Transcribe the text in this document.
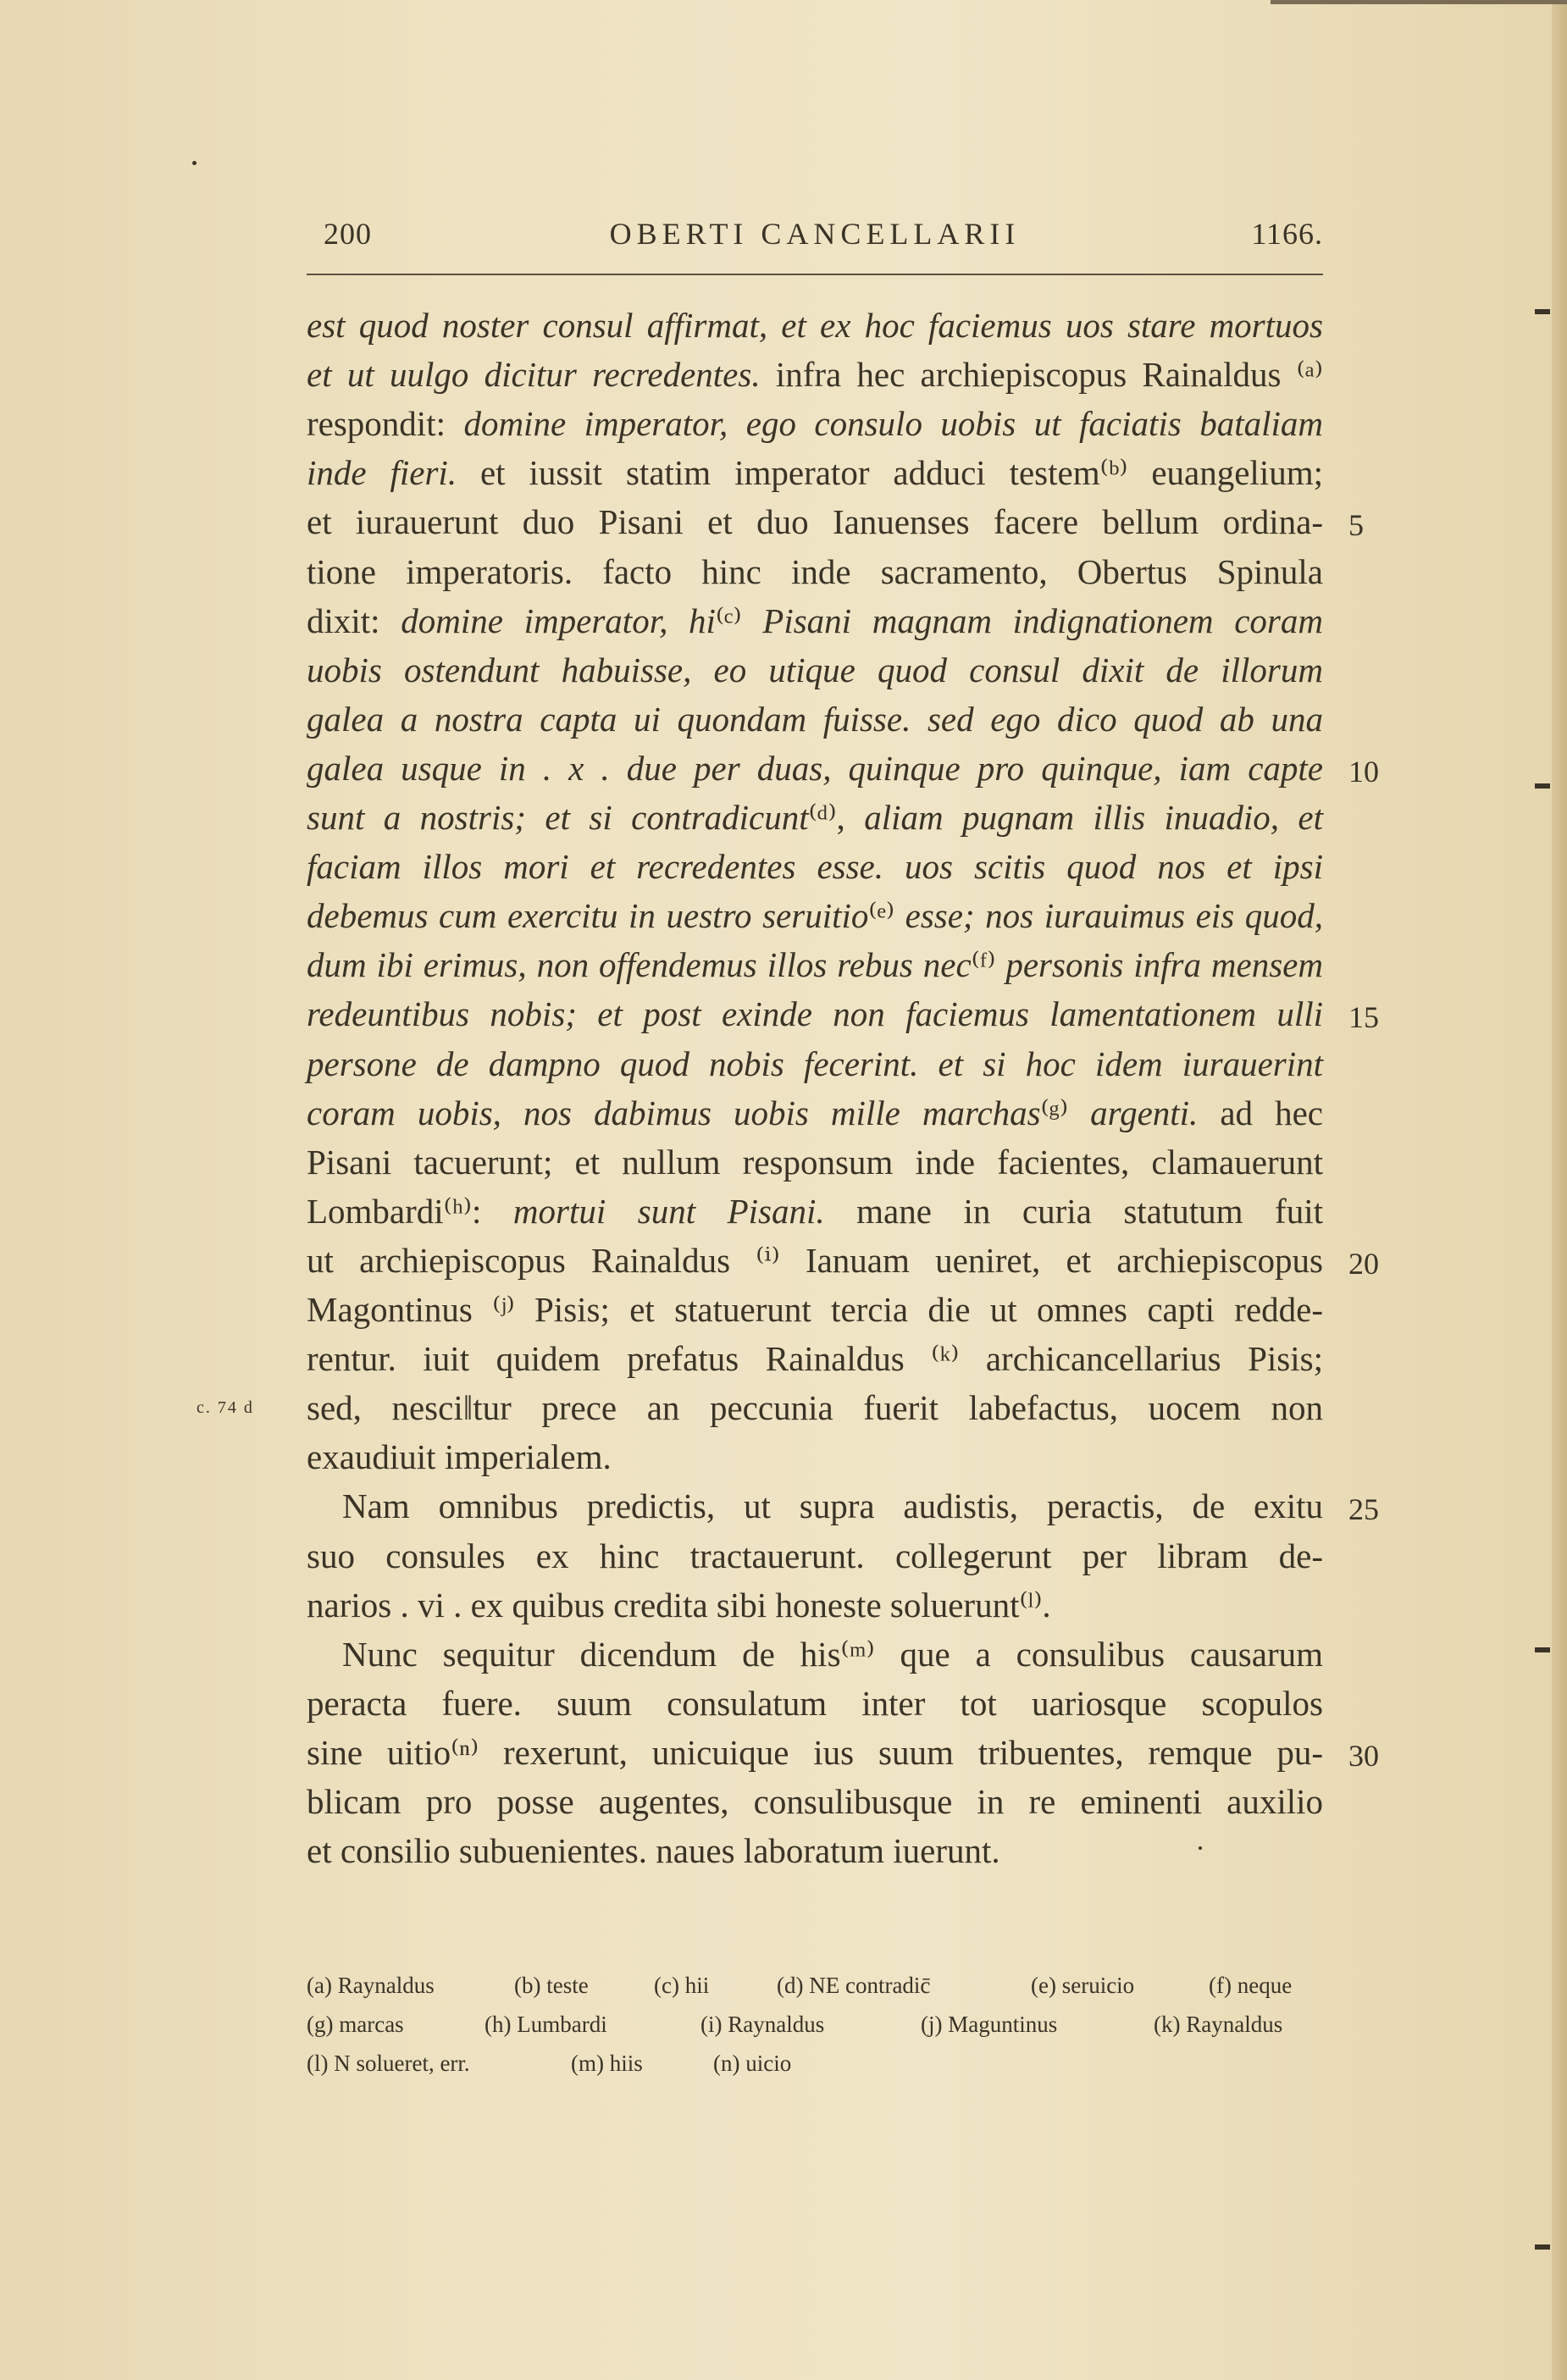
200	OBERTI CANCELLARII	1166.
est quod noster consul affirmat, et ex hoc faciemus uos stare mortuos
et ut uulgo dicitur recredentes. infra hec archiepiscopus Rainaldus ⁽ᵃ⁾
respondit: domine imperator, ego consulo uobis ut faciatis bataliam
inde fieri. et iussit statim imperator adduci testem⁽ᵇ⁾ euangelium;
et iurauerunt duo Pisani et duo Ianuenses facere bellum ordina-
tione imperatoris. facto hinc inde sacramento, Obertus Spinula
dixit: domine imperator, hi⁽ᶜ⁾ Pisani magnam indignationem coram
uobis ostendunt habuisse, eo utique quod consul dixit de illorum
galea a nostra capta ui quondam fuisse. sed ego dico quod ab una
galea usque in . x . due per duas, quinque pro quinque, iam capte
sunt a nostris; et si contradicunt⁽ᵈ⁾, aliam pugnam illis inuadio, et
faciam illos mori et recredentes esse. uos scitis quod nos et ipsi
debemus cum exercitu in uestro seruitio⁽ᵉ⁾ esse; nos iurauimus eis quod,
dum ibi erimus, non offendemus illos rebus nec⁽ᶠ⁾ personis infra mensem
redeuntibus nobis; et post exinde non faciemus lamentationem ulli
persone de dampno quod nobis fecerint. et si hoc idem iurauerint
coram uobis, nos dabimus uobis mille marchas⁽ᵍ⁾ argenti. ad hec
Pisani tacuerunt; et nullum responsum inde facientes, clamauerunt
Lombardi⁽ʰ⁾: mortui sunt Pisani. mane in curia statutum fuit
ut archiepiscopus Rainaldus ⁽ⁱ⁾ Ianuam ueniret, et archiepiscopus
Magontinus ⁽ʲ⁾ Pisis; et statuerunt tercia die ut omnes capti redde-
rentur. iuit quidem prefatus Rainaldus ⁽ᵏ⁾ archicancellarius Pisis;
sed, nesci‖tur prece an peccunia fuerit labefactus, uocem non
exaudiuit imperialem.
Nam omnibus predictis, ut supra audistis, peractis, de exitu
suo consules ex hinc tractauerunt. collegerunt per libram de-
narios . vi . ex quibus credita sibi honeste soluerunt⁽ˡ⁾.
Nunc sequitur dicendum de his⁽ᵐ⁾ que a consulibus causarum
peracta fuere. suum consulatum inter tot uariosque scopulos
sine uitio⁽ⁿ⁾ rexerunt, unicuique ius suum tribuentes, remque pu-
blicam pro posse augentes, consulibusque in re eminenti auxilio
et consilio subuenientes. naues laboratum iuerunt.
5
10
15
20
25
30
c. 74 d
(a) Raynaldus	(b) teste	(c) hii	(d) NE contradic̄	(e) seruicio	(f) neque
(g) marcas	(h) Lumbardi	(i) Raynaldus	(j) Maguntinus	(k) Raynaldus
(l) N solueret, err.	(m) hiis	(n) uicio
